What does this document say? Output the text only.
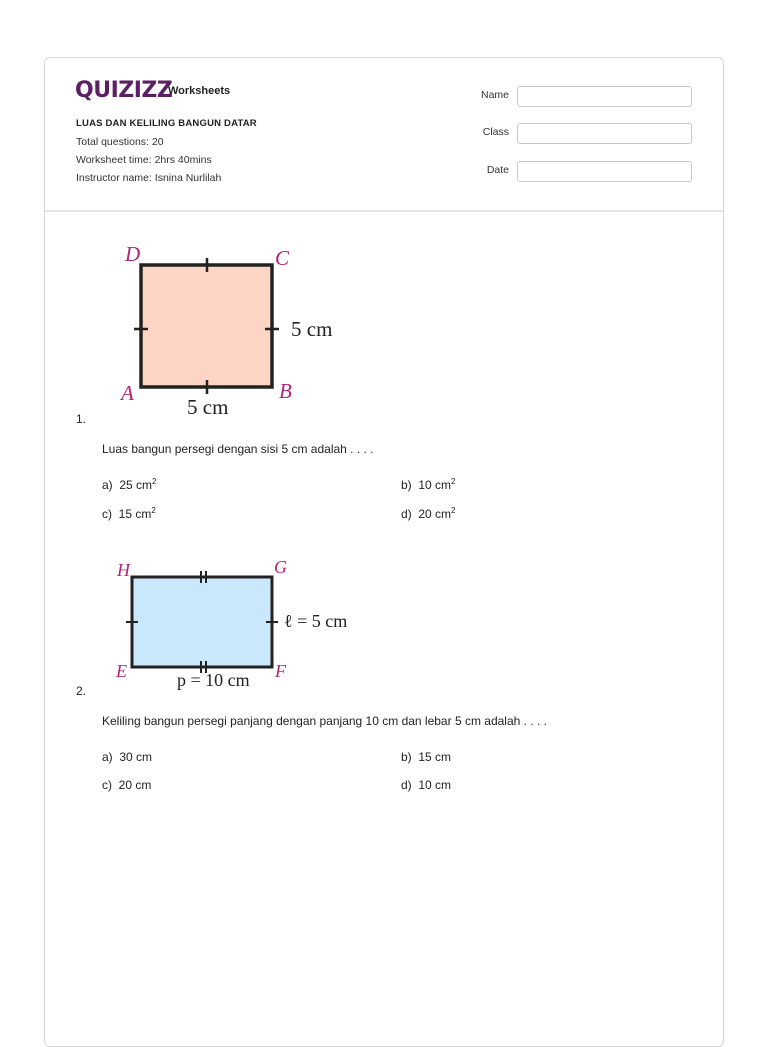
QUIZIZZ
Worksheets
LUAS DAN KELILING BANGUN DATAR
Total questions: 20
Worksheet time: 2hrs 40mins
Instructor name: Isnina Nurlilah
Name
Class
Date
D	C
A	B
5 cm
5 cm
1.
Luas bangun persegi dengan sisi 5 cm adalah . . . .
a) 25 $cm^2$	b) 10 $cm^2$
c) 15 $cm^2$	d) 20 $cm^2$
H	G
E	F
ℓ = 5 cm
p = 10 cm
2.
Keliling bangun persegi panjang dengan panjang 10 cm dan lebar 5 cm adalah . . . .
a) 30 cm	b) 15 cm
c) 20 cm	d) 10 cm
